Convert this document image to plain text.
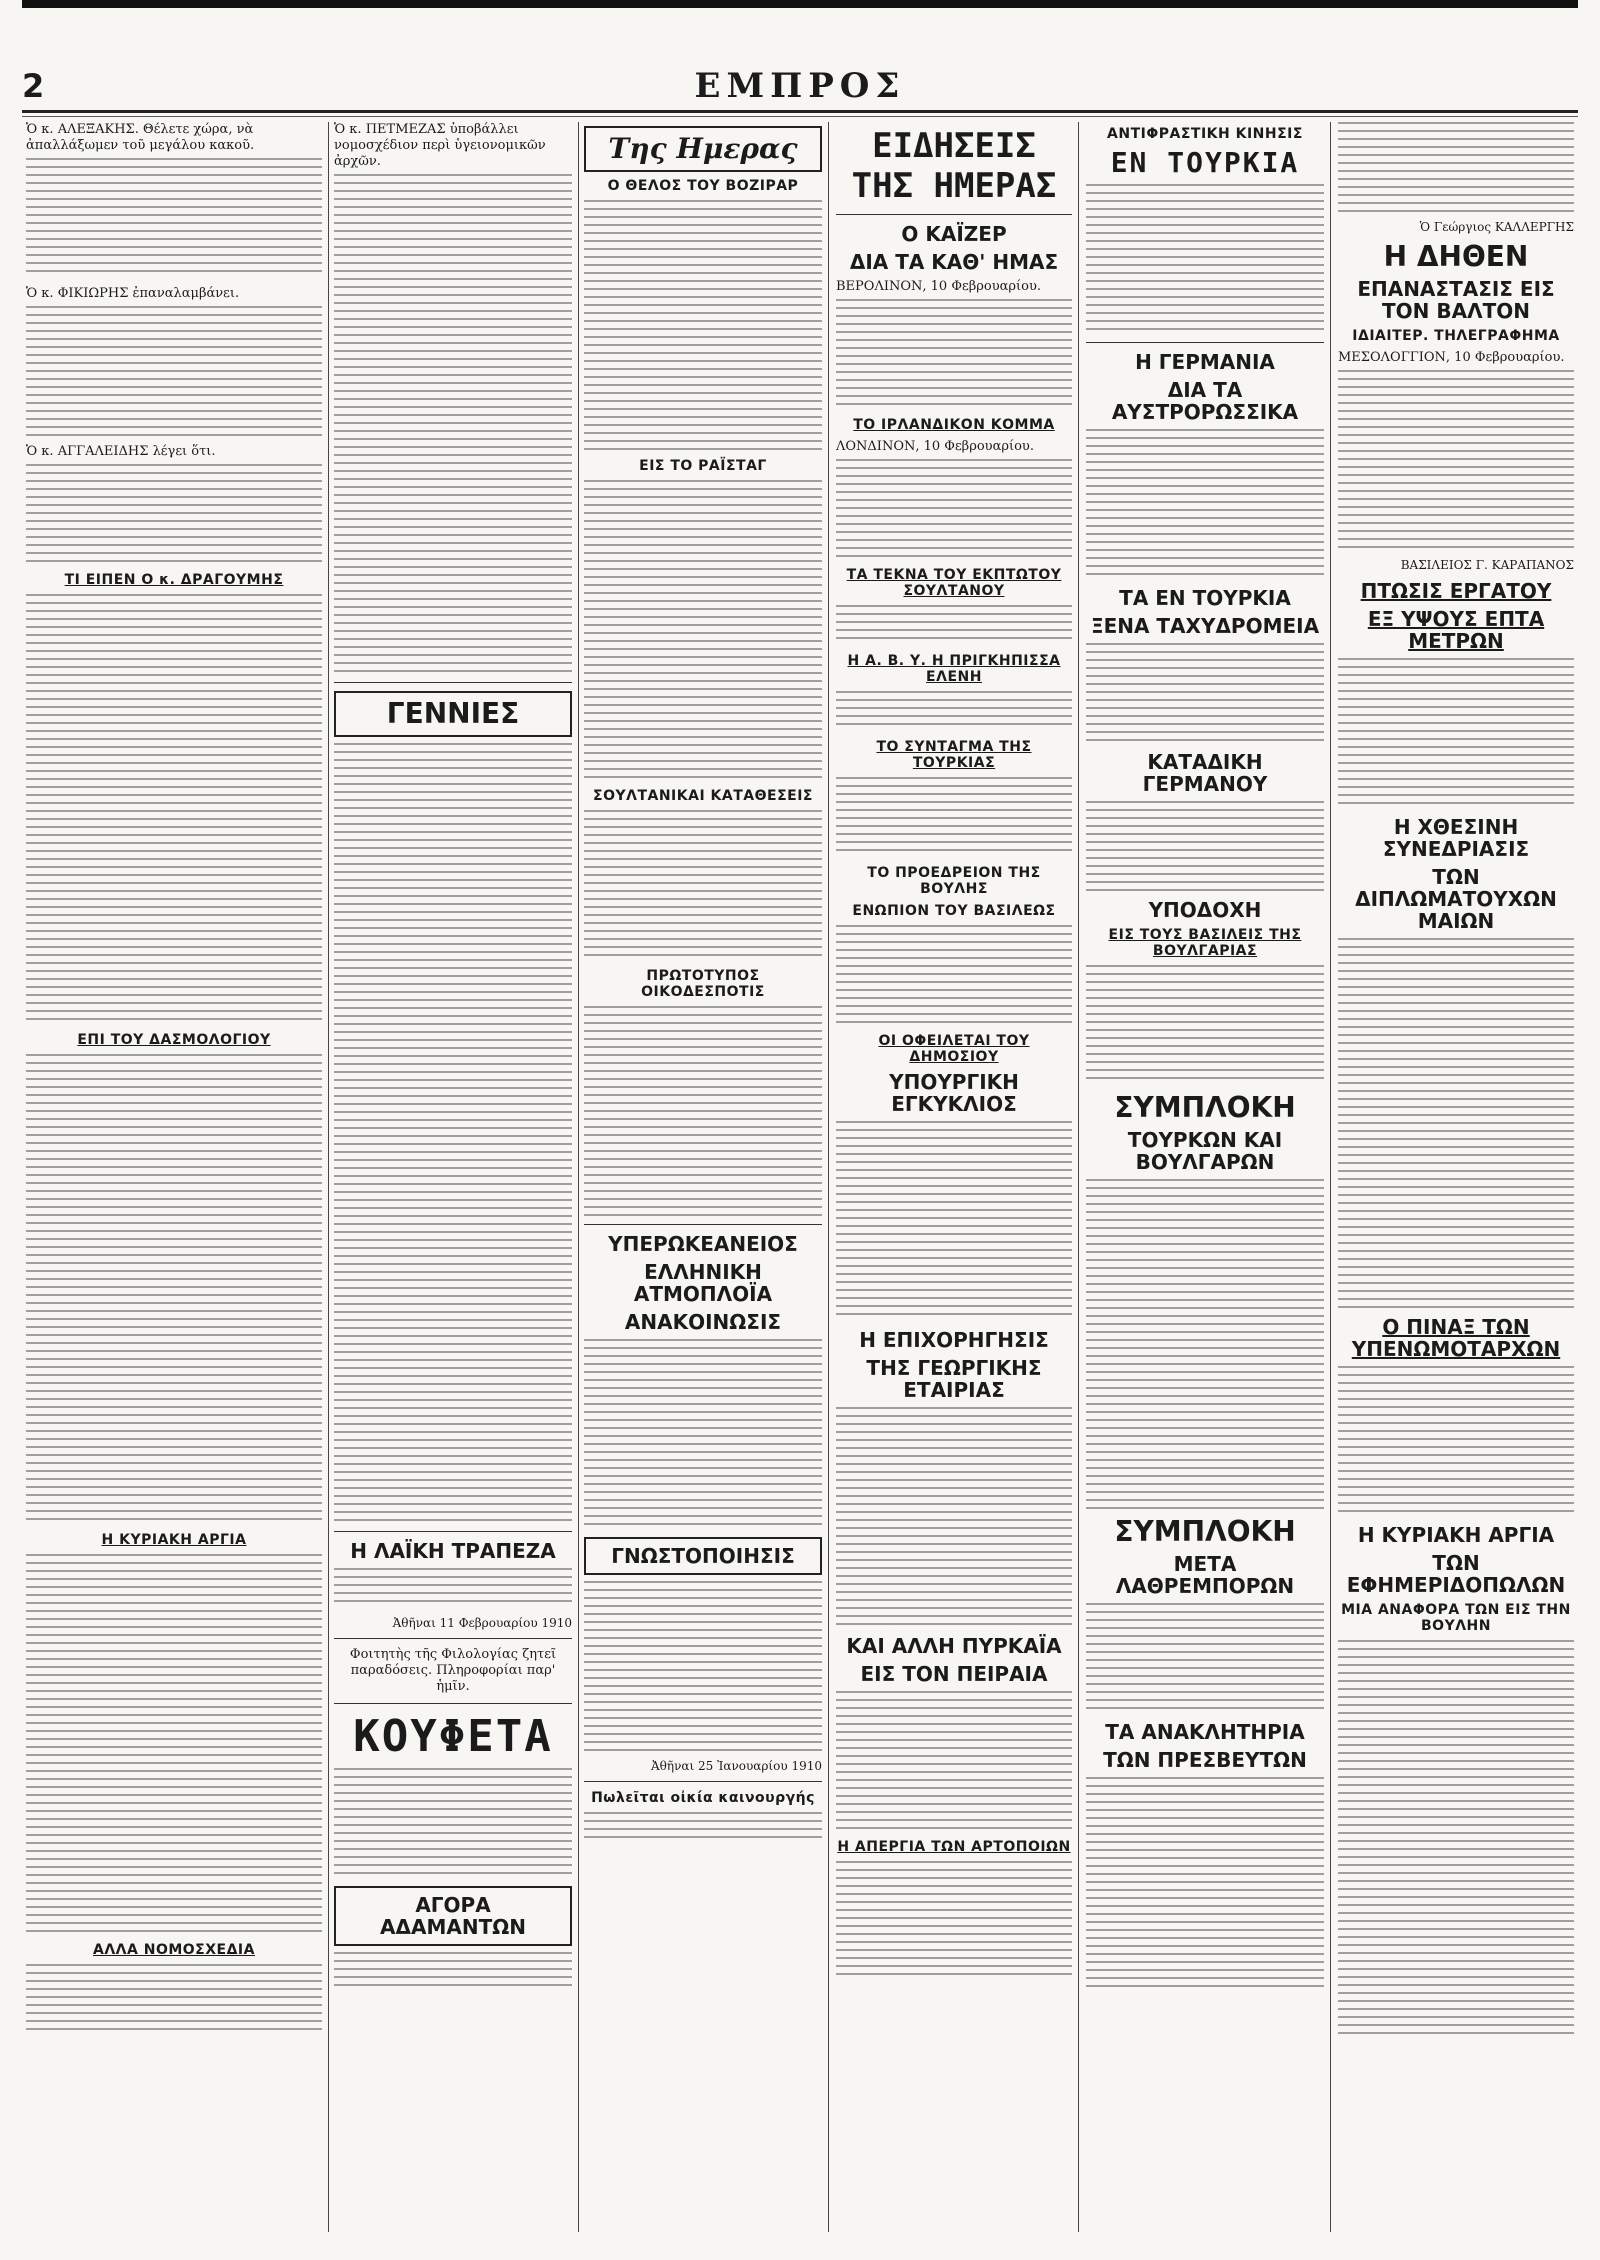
2	ΕΜΠΡΟΣ
Ὁ κ. ΑΛΕΞΑΚΗΣ. Θέλετε χώρα, νὰ ἀπαλλάξωμεν τοῦ μεγάλου κακοῦ.
Ὁ κ. ΦΙΚΙΩΡΗΣ ἐπαναλαμβάνει.
Ὁ κ. ΑΓΓΑΛΕΙΔΗΣ λέγει ὅτι.
ΤΙ ΕΙΠΕΝ Ο κ. ΔΡΑΓΟΥΜΗΣ
ΕΠΙ ΤΟΥ ΔΑΣΜΟΛΟΓΙΟΥ
Η ΚΥΡΙΑΚΗ ΑΡΓΙΑ
ΑΛΛΑ ΝΟΜΟΣΧΕΔΙΑ
Ὁ κ. ΠΕΤΜΕΖΑΣ ὑποβάλλει νομοσχέδιον περὶ ὑγειονομικῶν ἀρχῶν.
ΓΕΝΝΙΕΣ
Η ΛΑΪΚΗ ΤΡΑΠΕΖΑ
Ἀθῆναι 11 Φεβρουαρίου 1910
Φοιτητὴς τῆς Φιλολογίας ζητεῖ παραδόσεις. Πληροφορίαι παρ' ἡμῖν.
ΚΟΥΦΕΤΑ
ΑΓΟΡΑ ΑΔΑΜΑΝΤΩΝ
Της Ημερας
Ο ΘΕΛΟΣ ΤΟΥ ΒΟΖΙΡΑΡ
ΕΙΣ ΤΟ ΡΑΪΣΤΑΓ
ΣΟΥΛΤΑΝΙΚΑΙ ΚΑΤΑΘΕΣΕΙΣ
ΠΡΩΤΟΤΥΠΟΣ ΟΙΚΟΔΕΣΠΟΤΙΣ
ΥΠΕΡΩΚΕΑΝΕΙΟΣ
ΕΛΛΗΝΙΚΗ ΑΤΜΟΠΛΟΪΑ
ΑΝΑΚΟΙΝΩΣΙΣ
ΓΝΩΣΤΟΠΟΙΗΣΙΣ
Ἀθῆναι 25 Ἰανουαρίου 1910
Πωλεῖται οἰκία καινουργής
ΕΙΔΗΣΕΙΣ ΤΗΣ ΗΜΕΡΑΣ
Ο ΚΑΪΖΕΡ
ΔΙΑ ΤΑ ΚΑΘ' ΗΜΑΣ
ΒΕΡΟΛΙΝΟΝ, 10 Φεβρουαρίου.
ΤΟ ΙΡΛΑΝΔΙΚΟΝ ΚΟΜΜΑ
ΛΟΝΔΙΝΟΝ, 10 Φεβρουαρίου.
ΤΑ ΤΕΚΝΑ ΤΟΥ ΕΚΠΤΩΤΟΥ ΣΟΥΛΤΑΝΟΥ
Η Α. Β. Υ. Η ΠΡΙΓΚΗΠΙΣΣΑ ΕΛΕΝΗ
ΤΟ ΣΥΝΤΑΓΜΑ ΤΗΣ ΤΟΥΡΚΙΑΣ
ΤΟ ΠΡΟΕΔΡΕΙΟΝ ΤΗΣ ΒΟΥΛΗΣ
ΕΝΩΠΙΟΝ ΤΟΥ ΒΑΣΙΛΕΩΣ
ΟΙ ΟΦΕΙΛΕΤΑΙ ΤΟΥ ΔΗΜΟΣΙΟΥ
ΥΠΟΥΡΓΙΚΗ ΕΓΚΥΚΛΙΟΣ
Η ΕΠΙΧΟΡΗΓΗΣΙΣ
ΤΗΣ ΓΕΩΡΓΙΚΗΣ ΕΤΑΙΡΙΑΣ
ΚΑΙ ΑΛΛΗ ΠΥΡΚΑΪΑ
ΕΙΣ ΤΟΝ ΠΕΙΡΑΙΑ
Η ΑΠΕΡΓΙΑ ΤΩΝ ΑΡΤΟΠΟΙΩΝ
ΑΝΤΙΦΡΑΣΤΙΚΗ ΚΙΝΗΣΙΣ
ΕΝ ΤΟΥΡΚΙΑ
Η ΓΕΡΜΑΝΙΑ
ΔΙΑ ΤΑ ΑΥΣΤΡΟΡΩΣΣΙΚΑ
ΤΑ ΕΝ ΤΟΥΡΚΙΑ
ΞΕΝΑ ΤΑΧΥΔΡΟΜΕΙΑ
ΚΑΤΑΔΙΚΗ ΓΕΡΜΑΝΟΥ
ΥΠΟΔΟΧΗ
ΕΙΣ ΤΟΥΣ ΒΑΣΙΛΕΙΣ ΤΗΣ ΒΟΥΛΓΑΡΙΑΣ
ΣΥΜΠΛΟΚΗ
ΤΟΥΡΚΩΝ ΚΑΙ ΒΟΥΛΓΑΡΩΝ
ΣΥΜΠΛΟΚΗ
ΜΕΤΑ ΛΑΘΡΕΜΠΟΡΩΝ
ΤΑ ΑΝΑΚΛΗΤΗΡΙΑ
ΤΩΝ ΠΡΕΣΒΕΥΤΩΝ
Ὁ Γεώργιος ΚΑΛΛΕΡΓΗΣ
Η ΔΗΘΕΝ
ΕΠΑΝΑΣΤΑΣΙΣ ΕΙΣ ΤΟΝ ΒΑΛΤΟΝ
ΙΔΙΑΙΤΕΡ. ΤΗΛΕΓΡΑΦΗΜΑ
ΜΕΣΟΛΟΓΓΙΟΝ, 10 Φεβρουαρίου.
ΒΑΣΙΛΕΙΟΣ Γ. ΚΑΡΑΠΑΝΟΣ
ΠΤΩΣΙΣ ΕΡΓΑΤΟΥ
ΕΞ ΥΨΟΥΣ ΕΠΤΑ ΜΕΤΡΩΝ
Η ΧΘΕΣΙΝΗ ΣΥΝΕΔΡΙΑΣΙΣ
ΤΩΝ ΔΙΠΛΩΜΑΤΟΥΧΩΝ ΜΑΙΩΝ
Ο ΠΙΝΑΞ ΤΩΝ ΥΠΕΝΩΜΟΤΑΡΧΩΝ
Η ΚΥΡΙΑΚΗ ΑΡΓΙΑ
ΤΩΝ ΕΦΗΜΕΡΙΔΟΠΩΛΩΝ
ΜΙΑ ΑΝΑΦΟΡΑ ΤΩΝ ΕΙΣ ΤΗΝ ΒΟΥΛΗΝ
